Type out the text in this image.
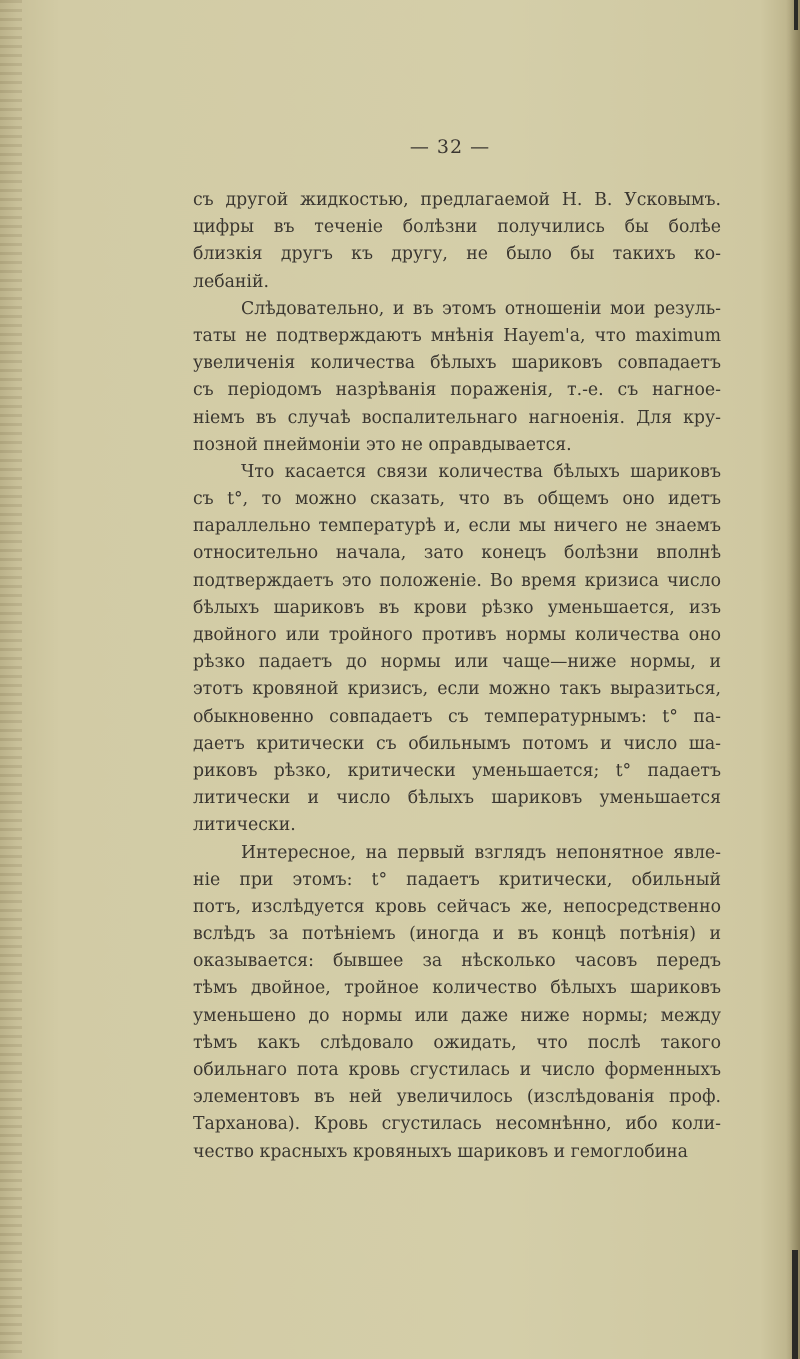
— 32 —
съ другой жидкостью, предлагаемой Н. В. Усковымъ.
цифры въ теченіе болѣзни получились бы болѣе
близкія другъ къ другу, не было бы такихъ ко-
лебаній.
Слѣдовательно, и въ этомъ отношеніи мои резуль-
таты не подтверждаютъ мнѣнія Hayem'а, что maximum
увеличенія количества бѣлыхъ шариковъ совпадаетъ
съ періодомъ назрѣванія пораженія, т.-е. съ нагное-
ніемъ въ случаѣ воспалительнаго нагноенія. Для кру-
позной пнеймоніи это не оправдывается.
Что касается связи количества бѣлыхъ шариковъ
съ t°, то можно сказать, что въ общемъ оно идетъ
параллельно температурѣ и, если мы ничего не знаемъ
относительно начала, зато конецъ болѣзни вполнѣ
подтверждаетъ это положеніе. Во время кризиса число
бѣлыхъ шариковъ въ крови рѣзко уменьшается, изъ
двойного или тройного противъ нормы количества оно
рѣзко падаетъ до нормы или чаще—ниже нормы, и
этотъ кровяной кризисъ, если можно такъ выразиться,
обыкновенно совпадаетъ съ температурнымъ: t° па-
даетъ критически съ обильнымъ потомъ и число ша-
риковъ рѣзко, критически уменьшается; t° падаетъ
литически и число бѣлыхъ шариковъ уменьшается
литически.
Интересное, на первый взглядъ непонятное явле-
ніе при этомъ: t° падаетъ критически, обильный
потъ, изслѣдуется кровь сейчасъ же, непосредственно
вслѣдъ за потѣніемъ (иногда и въ концѣ потѣнія) и
оказывается: бывшее за нѣсколько часовъ передъ
тѣмъ двойное, тройное количество бѣлыхъ шариковъ
уменьшено до нормы или даже ниже нормы; между
тѣмъ какъ слѣдовало ожидать, что послѣ такого
обильнаго пота кровь сгустилась и число форменныхъ
элементовъ въ ней увеличилось (изслѣдованія проф.
Тарханова). Кровь сгустилась несомнѣнно, ибо коли-
чество красныхъ кровяныхъ шариковъ и гемоглобина
